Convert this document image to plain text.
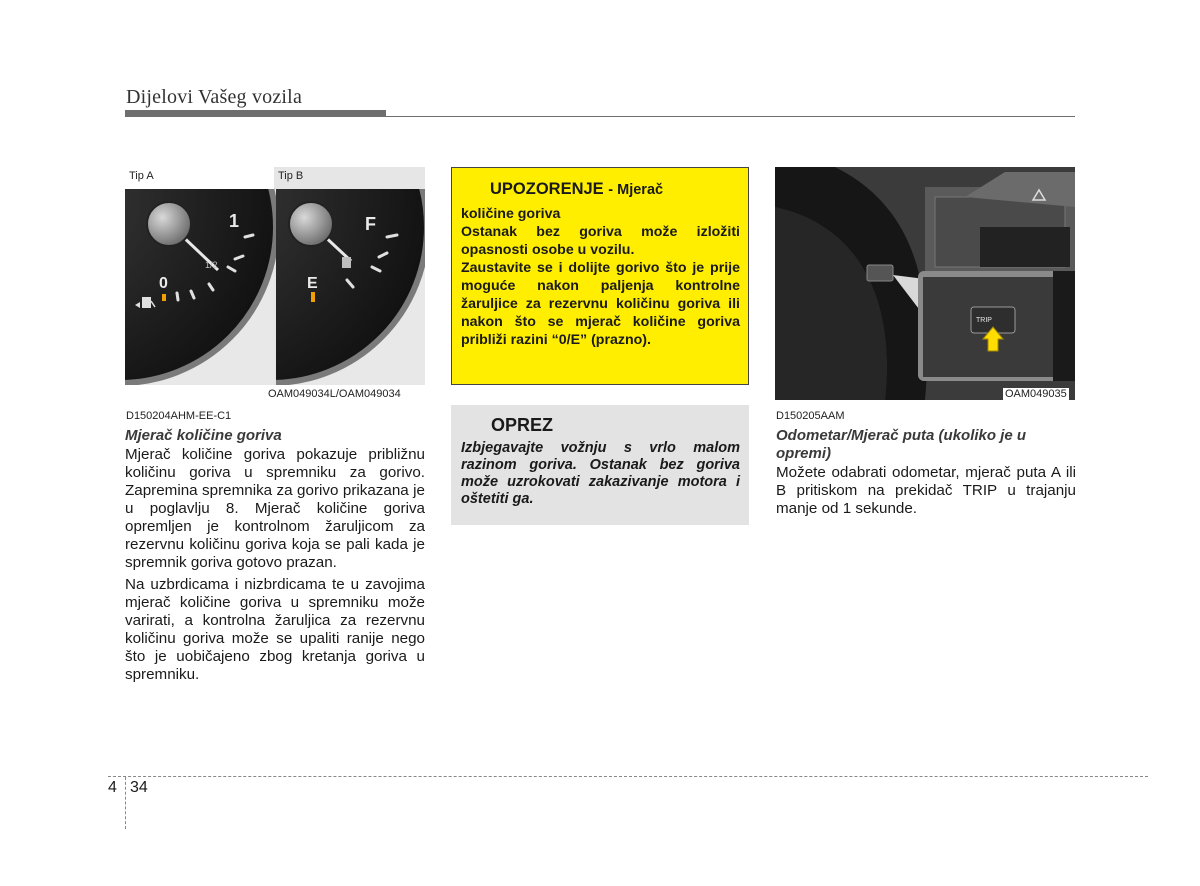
Dijelovi Vašeg vozila
1
0
1/2
F
E
Tip A	Tip B
OAM049034L/OAM049034
D150204AHM-EE-C1
Mjerač količine goriva

Mjerač količine goriva pokazuje približnu količinu goriva u spremniku za gorivo. Zapremina spremnika za gorivo prikazana je u poglavlju 8. Mjerač količine goriva opremljen je kontrolnom žaruljicom za rezervnu količinu goriva koja se pali kada je spremnik goriva gotovo prazan.

Na uzbrdicama i nizbrdicama te u zavojima mjerač količine goriva u spremniku može varirati, a kontrolna žaruljica za rezervnu količinu goriva može se upaliti ranije nego što je uobičajeno zbog kretanja goriva u spremniku.

UPOZORENJE - Mjerač

količine goriva

Ostanak bez goriva može izložiti opasnosti osobe u vozilu.

Zaustavite se i dolijte gorivo što je prije moguće nakon paljenja kontrolne žaruljice za rezervnu količinu goriva ili nakon što se mjerač količine goriva približi razini “0/E” (prazno).

OPREZ
Izbjegavajte vožnju s vrlo malom razinom goriva. Ostanak bez goriva može uzrokovati zakazivanje motora i oštetiti ga.
TRIP
OAM049035
D150205AAM
Odometar/Mjerač puta (ukoliko je u opremi)
Možete odabrati odometar, mjerač puta A ili B pritiskom na prekidač TRIP u trajanju manje od 1 sekunde.
4 34
